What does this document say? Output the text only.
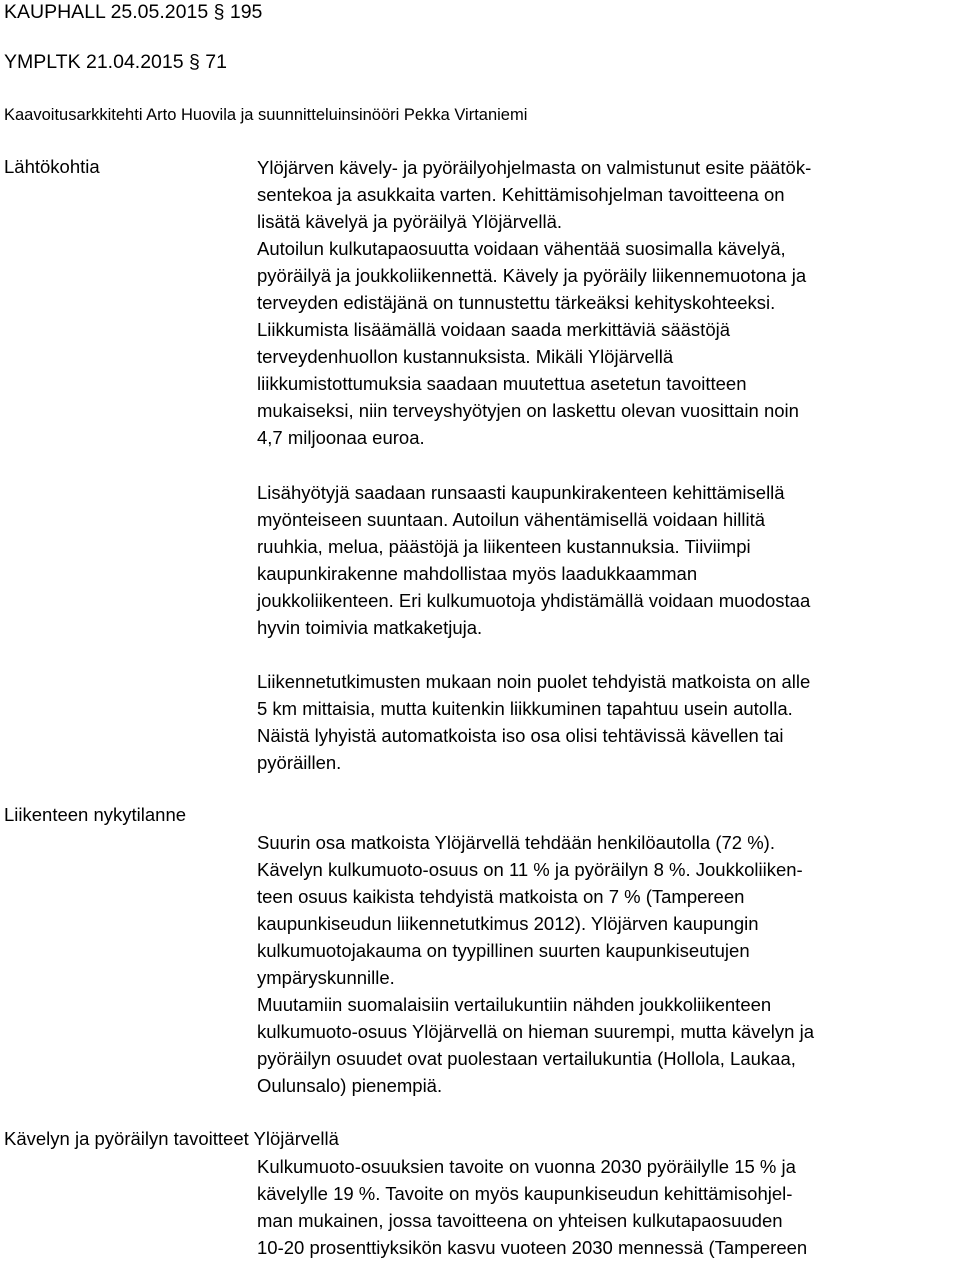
KAUPHALL 25.05.2015 § 195
YMPLTK 21.04.2015 § 71
Kaavoitusarkkitehti Arto Huovila ja suunnitteluinsinööri Pekka Virtaniemi
Lähtökohtia	Ylöjärven kävely- ja pyöräilyohjelmasta on valmistunut esite päätök-
sentekoa ja asukkaita varten. Kehittämisohjelman tavoitteena on
lisätä kävelyä ja pyöräilyä Ylöjärvellä.
Autoilun kulkutapaosuutta voidaan vähentää suosimalla kävelyä,
pyöräilyä ja joukkoliikennettä. Kävely ja pyöräily liikennemuotona ja
terveyden edistäjänä on tunnustettu tärkeäksi kehityskohteeksi.
Liikkumista lisäämällä voidaan saada merkittäviä säästöjä
terveydenhuollon kustannuksista. Mikäli Ylöjärvellä
liikkumistottumuksia saadaan muutettua asetetun tavoitteen
mukaiseksi, niin terveyshyötyjen on laskettu olevan vuosittain noin
4,7 miljoonaa euroa.

Lisähyötyjä saadaan runsaasti kaupunkirakenteen kehittämisellä
myönteiseen suuntaan. Autoilun vähentämisellä voidaan hillitä
ruuhkia, melua, päästöjä ja liikenteen kustannuksia. Tiiviimpi
kaupunkirakenne mahdollistaa myös laadukkaamman
joukkoliikenteen. Eri kulkumuotoja yhdistämällä voidaan muodostaa
hyvin toimivia matkaketjuja.

Liikennetutkimusten mukaan noin puolet tehdyistä matkoista on alle
5 km mittaisia, mutta kuitenkin liikkuminen tapahtuu usein autolla.
Näistä lyhyistä automatkoista iso osa olisi tehtävissä kävellen tai
pyöräillen.

Liikenteen nykytilanne

Suurin osa matkoista Ylöjärvellä tehdään henkilöautolla (72 %).
Kävelyn kulkumuoto-osuus on 11 % ja pyöräilyn 8 %. Joukkoliiken-
teen osuus kaikista tehdyistä matkoista on 7 % (Tampereen
kaupunkiseudun liikennetutkimus 2012). Ylöjärven kaupungin
kulkumuotojakauma on tyypillinen suurten kaupunkiseutujen
ympäryskunnille.
Muutamiin suomalaisiin vertailukuntiin nähden joukkoliikenteen
kulkumuoto-osuus Ylöjärvellä on hieman suurempi, mutta kävelyn ja
pyöräilyn osuudet ovat puolestaan vertailukuntia (Hollola, Laukaa,
Oulunsalo) pienempiä.

Kävelyn ja pyöräilyn tavoitteet Ylöjärvellä

Kulkumuoto-osuuksien tavoite on vuonna 2030 pyöräilylle 15 % ja
kävelylle 19 %. Tavoite on myös kaupunkiseudun kehittämisohjel-
man mukainen, jossa tavoitteena on yhteisen kulkutapaosuuden
10-20 prosenttiyksikön kasvu vuoteen 2030 mennessä (Tampereen
